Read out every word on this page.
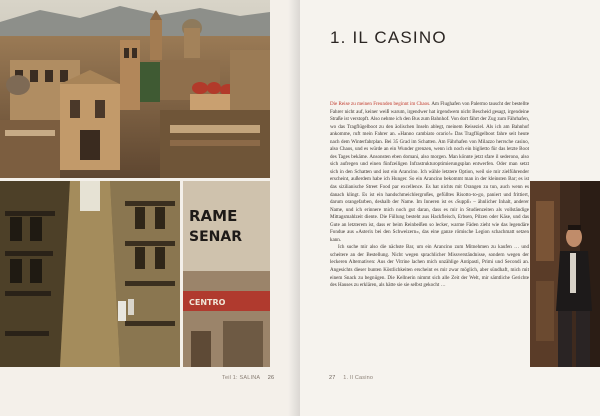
RAME
SENAR
CENTRO
Teil 1: SALINA 26
1. IL CASINO

Die Reise zu meinen Freunden beginnt im Chaos. Am Flughafen von Palermo tauscht der bestellte Fahrer nicht auf, keiner weiß warum, irgendwer hat irgendwem nicht Bescheid gesagt, irgendeine Straße ist verstopft. Also nehme ich den Bus zum Bahnhof. Von dort fährt der Zug zum Fährhafen, wo das Tragflügelboot zu den äolischen Inseln ablegt, meinem Reiseziel. Als ich am Bahnhof ankomme, ruft mein Fahrer an. »Hanno cambiato orario!« Das Tragflügelboot fahre seit heute nach dem Winterfahrplan. Bei 35 Grad im Schatten. Am Fährhafen von Milazzo herrsche casino, also Chaos, und es würde an ein Wunder grenzen, wenn ich noch ein biglietto für das letzte Boot des Tages bekäme. Ansonsten eben domani, also morgen. Man könnte jetzt sfare il sederono, also sich aufregen und einen fünfzeiligen Infrastrukturoptimierungsplan entwerfen. Oder man setzt sich in den Schatten und isst ein Arancino. Ich wähle letztere Option, weil sie mir zielführender erscheint, außerdem habe ich Hunger. So ein Arancino bekommt man in der kleinsten Bar; es ist das sizilianische Street Food par excellence. Es hat nichts mit Orangen zu tun, auch wenn es danach klingt. Es ist ein handschmeichlergroßes, gefülltes Risotto-to-go, paniert und frittiert, darum orangefarben, deshalb der Name. Im Inneren ist es ›Supplì‹ – ähnlicher Inhalt, anderer Name, und ich erinnere mich noch gut daran, dass es mir in Studienzeiten als vollständige Mittagsmahlzeit diente. Die Füllung besteht aus Hackfleisch, Erbsen, Pilzen oder Käse, und das Gute an letzterem ist, dass er beim Reinbeißen so lecker, warme Fäden zieht wie das legendäre Fondue aus »Asterix bei den Schweizern«, das eine ganze römische Legion schachmatt setzen kann.

Ich suche mir also die nächste Bar, um ein Arancino zum Mitnehmen zu kaufen … und scheitere an der Bestellung. Nicht wegen sprachlicher Missverständnisse, sondern wegen der leckeren Alternativen: Aus der Vitrine lachen mich unzählige Antipasti, Primi und Secondi an. Angesichts dieser bunten Köstlichkeiten erscheint es mir zwar möglich, aber sündhaft, mich mit einem Snack zu begnügen. Die Kellnerin nimmt sich alle Zeit der Welt, mir sämtliche Gerichte des Hauses zu erklären, als hätte sie sie selbst gekocht …

27 1. Il Casino
